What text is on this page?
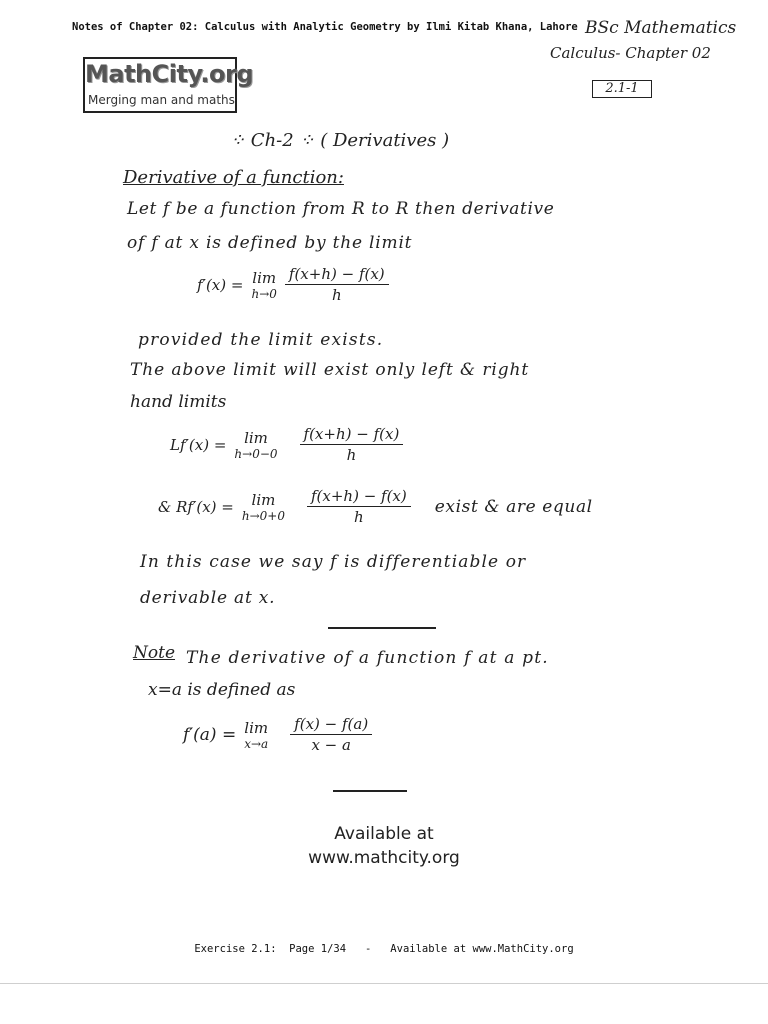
Notes of Chapter 02: Calculus with Analytic Geometry by Ilmi Kitab Khana, Lahore BSc Mathematics
Calculus- Chapter 02
MathCity.org
Merging man and maths
2.1-1
⁘ Ch-2 ⁘ ( Derivatives )
Derivative of a function:
Let f be a function from R to R then derivative
of f at x is defined by the limit
f′(x) = lim
$h\to 0 \frac{f(x+h) - f(x)}{h}$
provided the limit exists.
The above limit will exist only left & right
hand limits
Lf′(x) = lim
$h\to 0-0 \frac{f(x+h) - f(x)}{h}$
& Rf′(x) = lim
$h\to 0+0 \frac{f(x+h) - f(x)}{h}$ exist & are equal
In this case we say f is differentiable or
derivable at x.
Note The derivative of a function f at a pt.
x=a is defined as
f′(a) = lim
$x\to a \frac{f(x) - f(a)}{x - a}$
Available at
www.mathcity.org
Exercise 2.1:  Page 1/34   -   Available at www.MathCity.org
